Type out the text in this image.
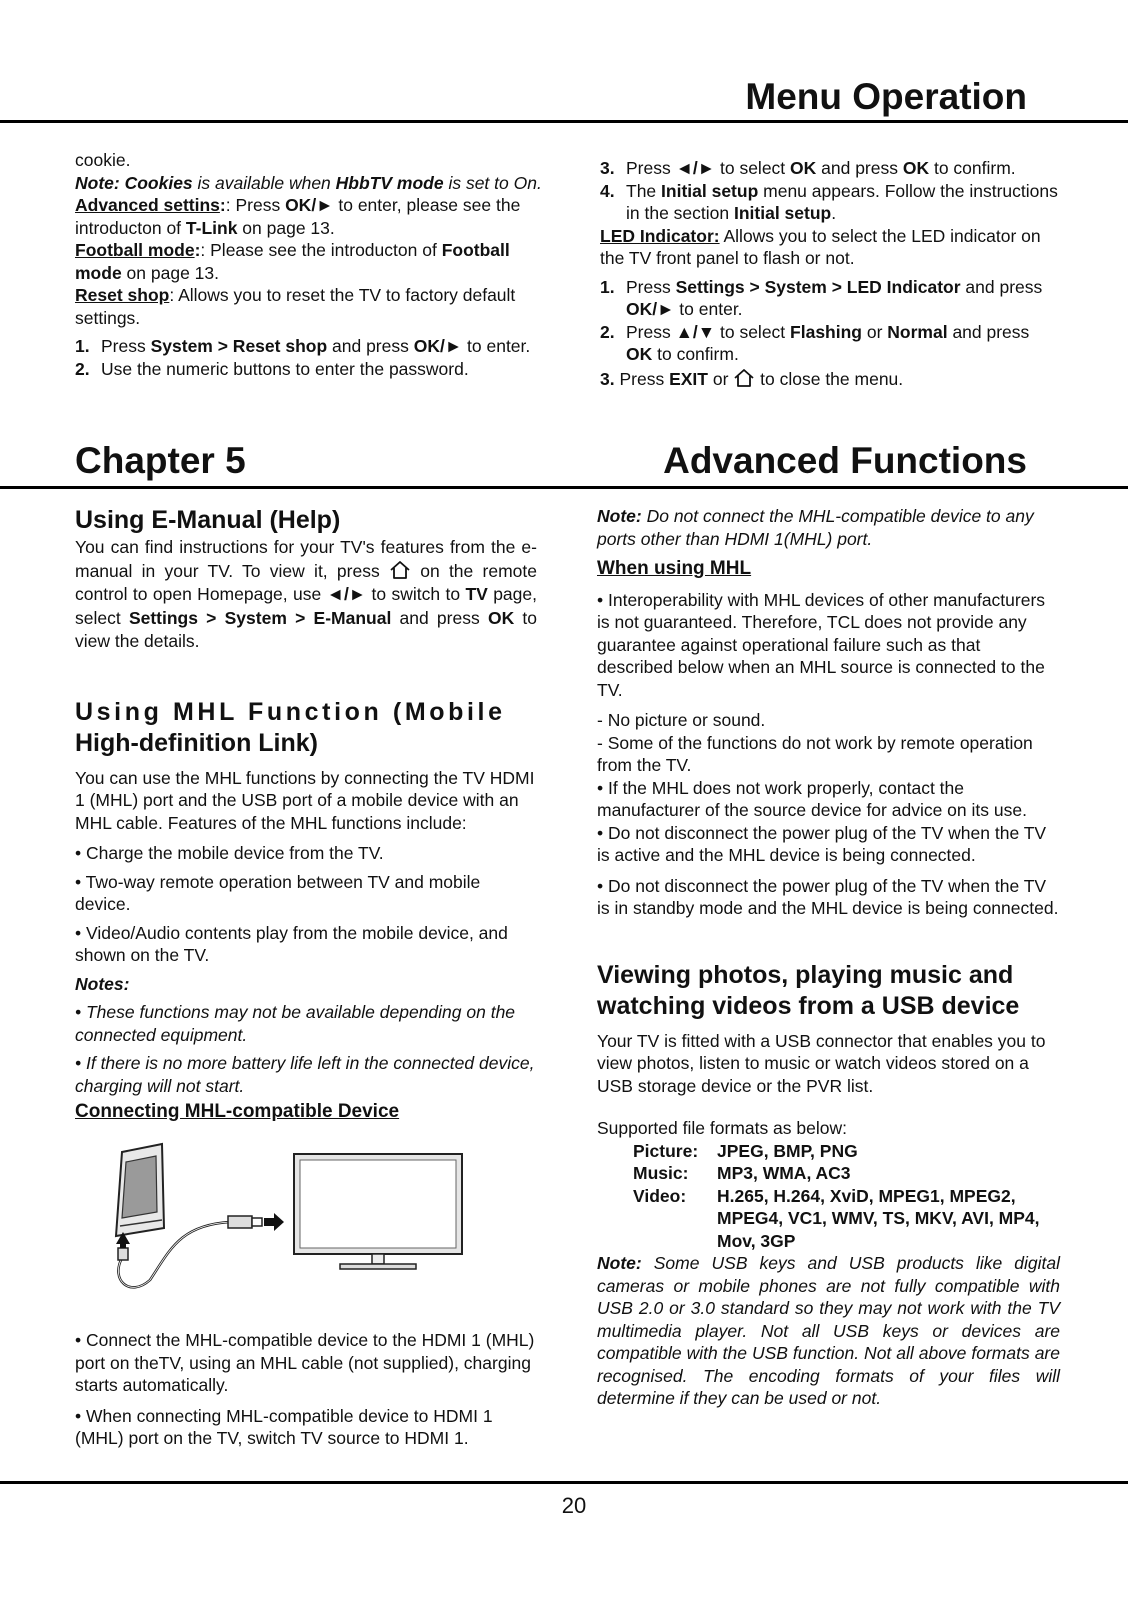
Menu Operation

cookie.

Note: Cookies is available when HbbTV mode is set to On.

Advanced settins:: Press OK/► to enter, please see the introducton of T-Link on page 13.

Football mode:: Please see the introducton of Football mode on page 13.

Reset shop: Allows you to reset the TV to factory default settings.

1. Press System > Reset shop and press OK/► to enter.
2. Use the numeric buttons to enter the password.
3. Press ◄/► to select OK and press OK to confirm.
4. The Initial setup menu appears. Follow the instructions in the section Initial setup.

LED Indicator: Allows you to select the LED indicator on the TV front panel to flash or not.

1. Press Settings > System > LED Indicator and press OK/► to enter.
2. Press ▲/▼ to select Flashing or Normal and press OK to confirm.

3. Press EXIT or  to close the menu.

Chapter 5	Advanced Functions
Using E-Manual (Help)

You can find instructions for your TV's features from the e-manual in your TV. To view it, press  on the remote control to open Homepage, use ◄/► to switch to TV page, select Settings > System > E-Manual and press OK to view the details.

Using MHL Function (Mobile
High-definition Link)

You can use the MHL functions by connecting the TV HDMI 1 (MHL) port and the USB port of a mobile device with an MHL cable. Features of the MHL functions include:

• Charge the mobile device from the TV.

• Two-way remote operation between TV and mobile device.

• Video/Audio contents play from the mobile device, and shown on the TV.

Notes:

• These functions may not be available depending on the connected equipment.

• If there is no more battery life left in the connected device, charging will not start.

Connecting MHL-compatible Device

• Connect the MHL-compatible device to the HDMI 1 (MHL) port on theTV, using an MHL cable (not supplied), charging starts automatically.

• When connecting MHL-compatible device to HDMI 1 (MHL) port on the TV, switch TV source to HDMI 1.

Note: Do not connect the MHL-compatible device to any ports other than HDMI 1(MHL) port.

When using MHL

• Interoperability with MHL devices of other manufacturers is not guaranteed. Therefore, TCL does not provide any guarantee against operational failure such as that described below when an MHL source is connected to the TV.

- No picture or sound.

- Some of the functions do not work by remote operation from the TV.

• If the MHL does not work properly, contact the manufacturer of the source device for advice on its use.

• Do not disconnect the power plug of the TV when the TV is active and the MHL device is being connected.

• Do not disconnect the power plug of the TV when the TV is in standby mode and the MHL device is being connected.

Viewing photos, playing music and watching videos from a USB device

Your TV is fitted with a USB connector that enables you to view photos, listen to music or watch videos stored on a USB storage device or the PVR list.

Supported file formats as below:

Picture:	JPEG, BMP, PNG
Music:	MP3, WMA, AC3
Video:	H.265, H.264, XviD, MPEG1, MPEG2, MPEG4, VC1, WMV, TS, MKV, AVI, MP4, Mov, 3GP

Note: Some USB keys and USB products like digital cameras or mobile phones are not fully compatible with USB 2.0 or 3.0 standard so they may not work with the TV multimedia player. Not all USB keys or devices are compatible with the USB function. Not all above formats are recognised. The encoding formats of your files will determine if they can be used or not.

20
